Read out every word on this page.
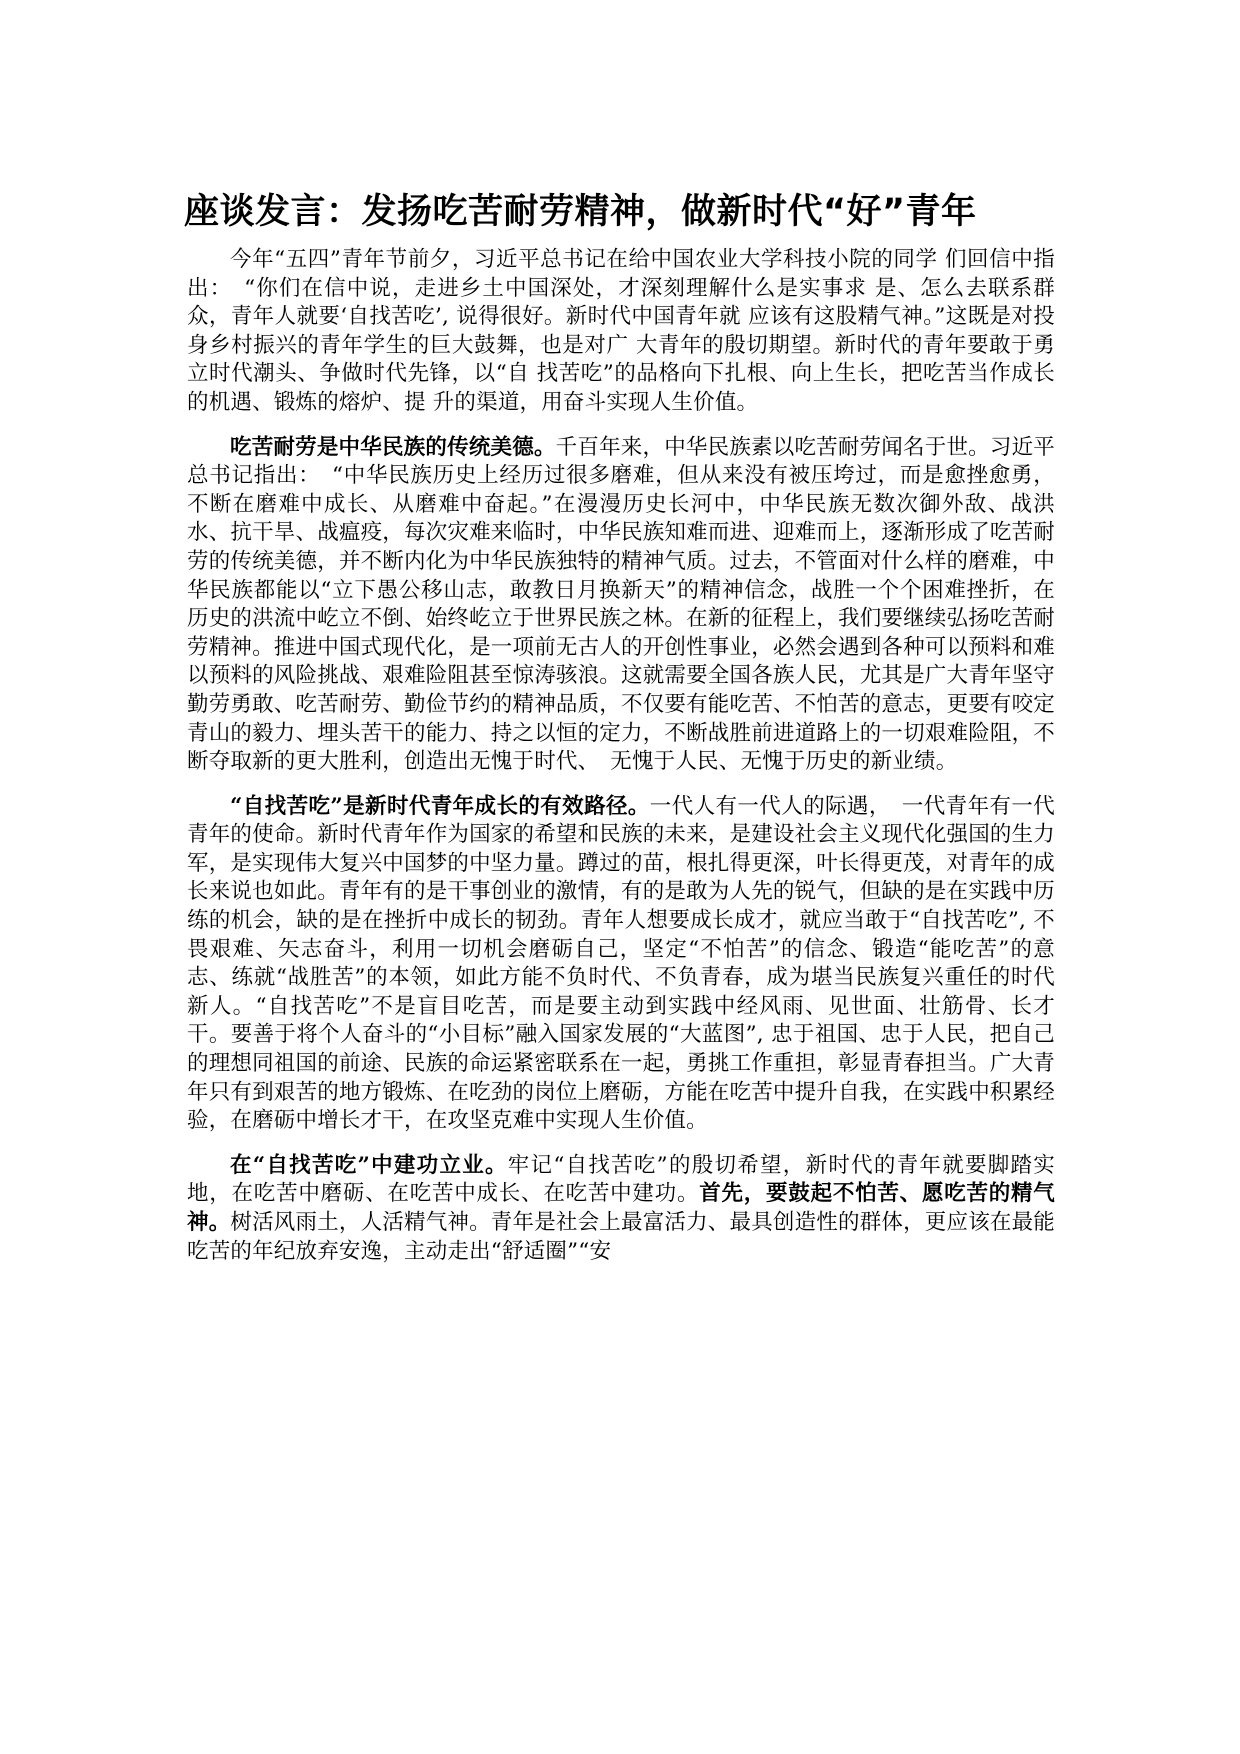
座谈发言：发扬吃苦耐劳精神，做新时代“好”青年

今年“五四”青年节前夕，习近平总书记在给中国农业大学科技小院的同学 们回信中指出：　“你们在信中说，走进乡土中国深处，才深刻理解什么是实事求 是、怎么去联系群众，青年人就要‘自找苦吃’, 说得很好。新时代中国青年就 应该有这股精气神。”这既是对投身乡村振兴的青年学生的巨大鼓舞，也是对广 大青年的殷切期望。新时代的青年要敢于勇立时代潮头、争做时代先锋，以“自 找苦吃”的品格向下扎根、向上生长，把吃苦当作成长的机遇、锻炼的熔炉、提 升的渠道，用奋斗实现人生价值。

吃苦耐劳是中华民族的传统美德。千百年来，中华民族素以吃苦耐劳闻名于世。习近平总书记指出：　“中华民族历史上经历过很多磨难，但从来没有被压垮过，而是愈挫愈勇，不断在磨难中成长、从磨难中奋起。”在漫漫历史长河中，中华民族无数次御外敌、战洪水、抗干旱、战瘟疫，每次灾难来临时，中华民族知难而进、迎难而上，逐渐形成了吃苦耐劳的传统美德，并不断内化为中华民族独特的精神气质。过去，不管面对什么样的磨难，中华民族都能以“立下愚公移山志，敢教日月换新天”的精神信念，战胜一个个困难挫折，在历史的洪流中屹立不倒、始终屹立于世界民族之林。在新的征程上，我们要继续弘扬吃苦耐劳精神。推进中国式现代化，是一项前无古人的开创性事业，必然会遇到各种可以预料和难以预料的风险挑战、艰难险阻甚至惊涛骇浪。这就需要全国各族人民，尤其是广大青年坚守勤劳勇敢、吃苦耐劳、勤俭节约的精神品质，不仅要有能吃苦、不怕苦的意志，更要有咬定青山的毅力、埋头苦干的能力、持之以恒的定力，不断战胜前进道路上的一切艰难险阻，不断夺取新的更大胜利，创造出无愧于时代、　无愧于人民、无愧于历史的新业绩。

“自找苦吃”是新时代青年成长的有效路径。一代人有一代人的际遇，　一代青年有一代青年的使命。新时代青年作为国家的希望和民族的未来，是建设社会主义现代化强国的生力军，是实现伟大复兴中国梦的中坚力量。蹲过的苗，根扎得更深，叶长得更茂，对青年的成长来说也如此。青年有的是干事创业的激情，有的是敢为人先的锐气，但缺的是在实践中历练的机会，缺的是在挫折中成长的韧劲。青年人想要成长成才，就应当敢于“自找苦吃”, 不畏艰难、矢志奋斗，利用一切机会磨砺自己，坚定“不怕苦”的信念、锻造“能吃苦”的意志、练就“战胜苦”的本领，如此方能不负时代、不负青春，成为堪当民族复兴重任的时代新人。“自找苦吃”不是盲目吃苦，而是要主动到实践中经风雨、见世面、壮筋骨、长才干。要善于将个人奋斗的“小目标”融入国家发展的“大蓝图”, 忠于祖国、忠于人民，把自己的理想同祖国的前途、民族的命运紧密联系在一起，勇挑工作重担，彰显青春担当。广大青年只有到艰苦的地方锻炼、在吃劲的岗位上磨砺，方能在吃苦中提升自我，在实践中积累经验，在磨砺中增长才干，在攻坚克难中实现人生价值。

在“自找苦吃”中建功立业。牢记“自找苦吃”的殷切希望，新时代的青年就要脚踏实地，在吃苦中磨砺、在吃苦中成长、在吃苦中建功。首先，要鼓起不怕苦、愿吃苦的精气神。树活风雨土，人活精气神。青年是社会上最富活力、最具创造性的群体，更应该在最能吃苦的年纪放弃安逸，主动走出“舒适圈”“安
